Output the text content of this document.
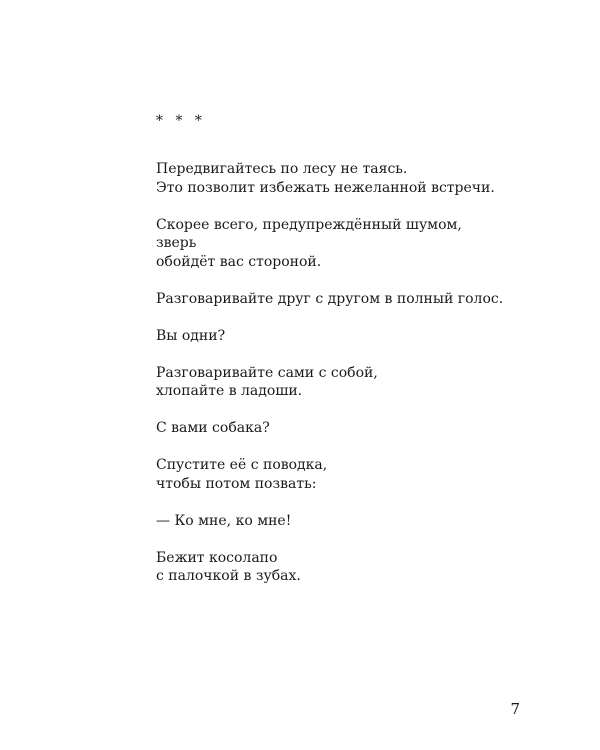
* * *
Передвигайтесь по лесу не таясь.
Это позволит избежать нежеланной встречи.
Скорее всего, предупреждённый шумом,
зверь
обойдёт вас стороной.
Разговаривайте друг с другом в полный голос.
Вы одни?
Разговаривайте сами с собой,
хлопайте в ладоши.
С вами собака?
Спустите её с поводка,
чтобы потом позвать:
— Ко мне, ко мне!
Бежит косолапо
с палочкой в зубах.
7
